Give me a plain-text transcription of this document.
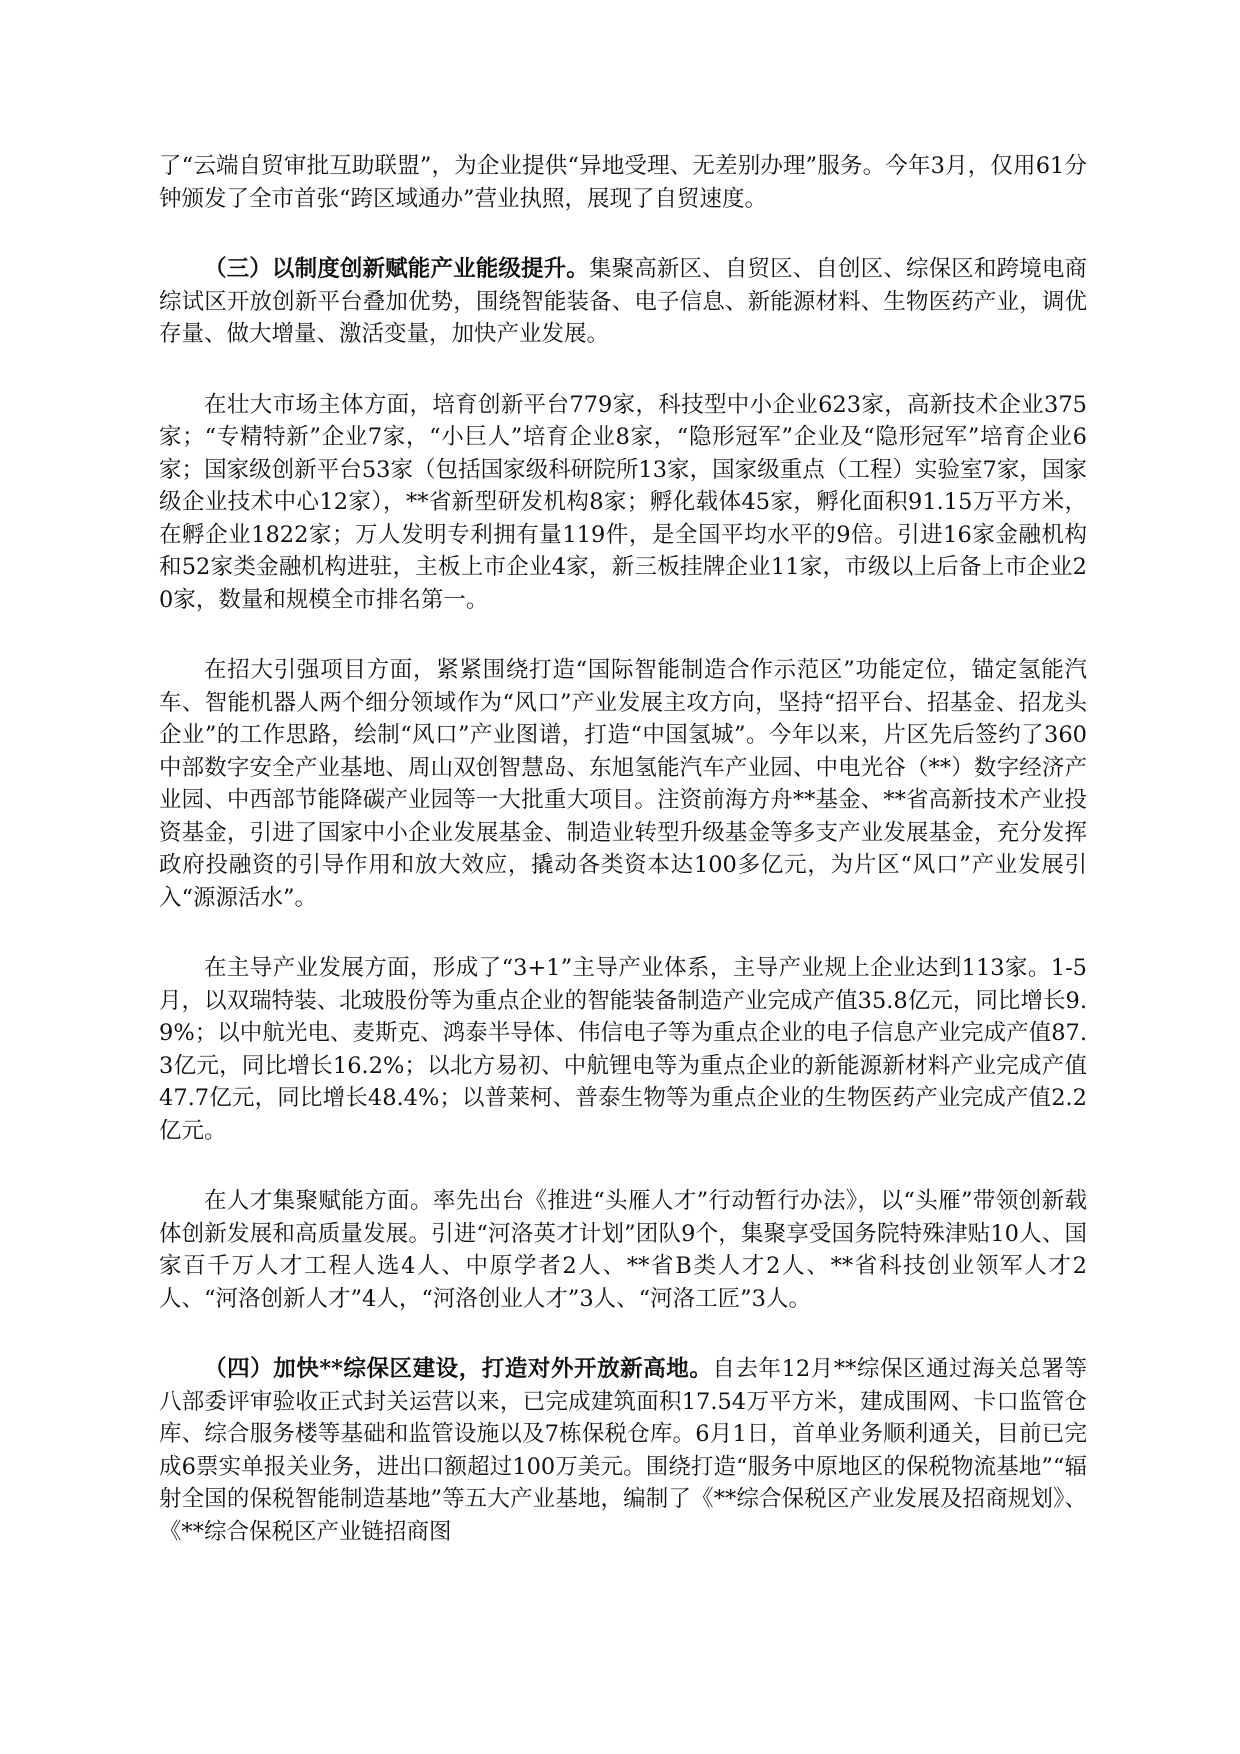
了“云端自贸审批互助联盟”，为企业提供“异地受理、无差别办理”服务。今年3月，仅用61分钟颁发了全市首张“跨区域通办”营业执照，展现了自贸速度。

（三）以制度创新赋能产业能级提升。集聚高新区、自贸区、自创区、综保区和跨境电商综试区开放创新平台叠加优势，围绕智能装备、电子信息、新能源材料、生物医药产业，调优存量、做大增量、激活变量，加快产业发展。

在壮大市场主体方面，培育创新平台779家，科技型中小企业623家，高新技术企业375家；“专精特新”企业7家，“小巨人”培育企业8家，“隐形冠军”企业及“隐形冠军”培育企业6家；国家级创新平台53家（包括国家级科研院所13家，国家级重点（工程）实验室7家，国家级企业技术中心12家），**省新型研发机构8家；孵化载体45家，孵化面积91.15万平方米，在孵企业1822家；万人发明专利拥有量119件，是全国平均水平的9倍。引进16家金融机构和52家类金融机构进驻，主板上市企业4家，新三板挂牌企业11家，市级以上后备上市企业20家，数量和规模全市排名第一。

在招大引强项目方面，紧紧围绕打造“国际智能制造合作示范区”功能定位，锚定氢能汽车、智能机器人两个细分领域作为“风口”产业发展主攻方向，坚持“招平台、招基金、招龙头企业”的工作思路，绘制“风口”产业图谱，打造“中国氢城”。今年以来，片区先后签约了360中部数字安全产业基地、周山双创智慧岛、东旭氢能汽车产业园、中电光谷（**）数字经济产业园、中西部节能降碳产业园等一大批重大项目。注资前海方舟**基金、**省高新技术产业投资基金，引进了国家中小企业发展基金、制造业转型升级基金等多支产业发展基金，充分发挥政府投融资的引导作用和放大效应，撬动各类资本达100多亿元，为片区“风口”产业发展引入“源源活水”。

在主导产业发展方面，形成了“3+1”主导产业体系，主导产业规上企业达到113家。1-5月，以双瑞特装、北玻股份等为重点企业的智能装备制造产业完成产值35.8亿元，同比增长9.9%；以中航光电、麦斯克、鸿泰半导体、伟信电子等为重点企业的电子信息产业完成产值87.3亿元，同比增长16.2%；以北方易初、中航锂电等为重点企业的新能源新材料产业完成产值47.7亿元，同比增长48.4%；以普莱柯、普泰生物等为重点企业的生物医药产业完成产值2.2亿元。

在人才集聚赋能方面。率先出台《推进“头雁人才”行动暂行办法》，以“头雁”带领创新载体创新发展和高质量发展。引进“河洛英才计划”团队9个，集聚享受国务院特殊津贴10人、国家百千万人才工程人选4人、中原学者2人、**省B类人才2人、**省科技创业领军人才2人、“河洛创新人才”4人，“河洛创业人才”3人、“河洛工匠”3人。

（四）加快**综保区建设，打造对外开放新高地。自去年12月**综保区通过海关总署等八部委评审验收正式封关运营以来，已完成建筑面积17.54万平方米，建成围网、卡口监管仓库、综合服务楼等基础和监管设施以及7栋保税仓库。6月1日，首单业务顺利通关，目前已完成6票实单报关业务，进出口额超过100万美元。围绕打造“服务中原地区的保税物流基地”“辐射全国的保税智能制造基地”等五大产业基地，编制了《**综合保税区产业发展及招商规划》、《**综合保税区产业链招商图
